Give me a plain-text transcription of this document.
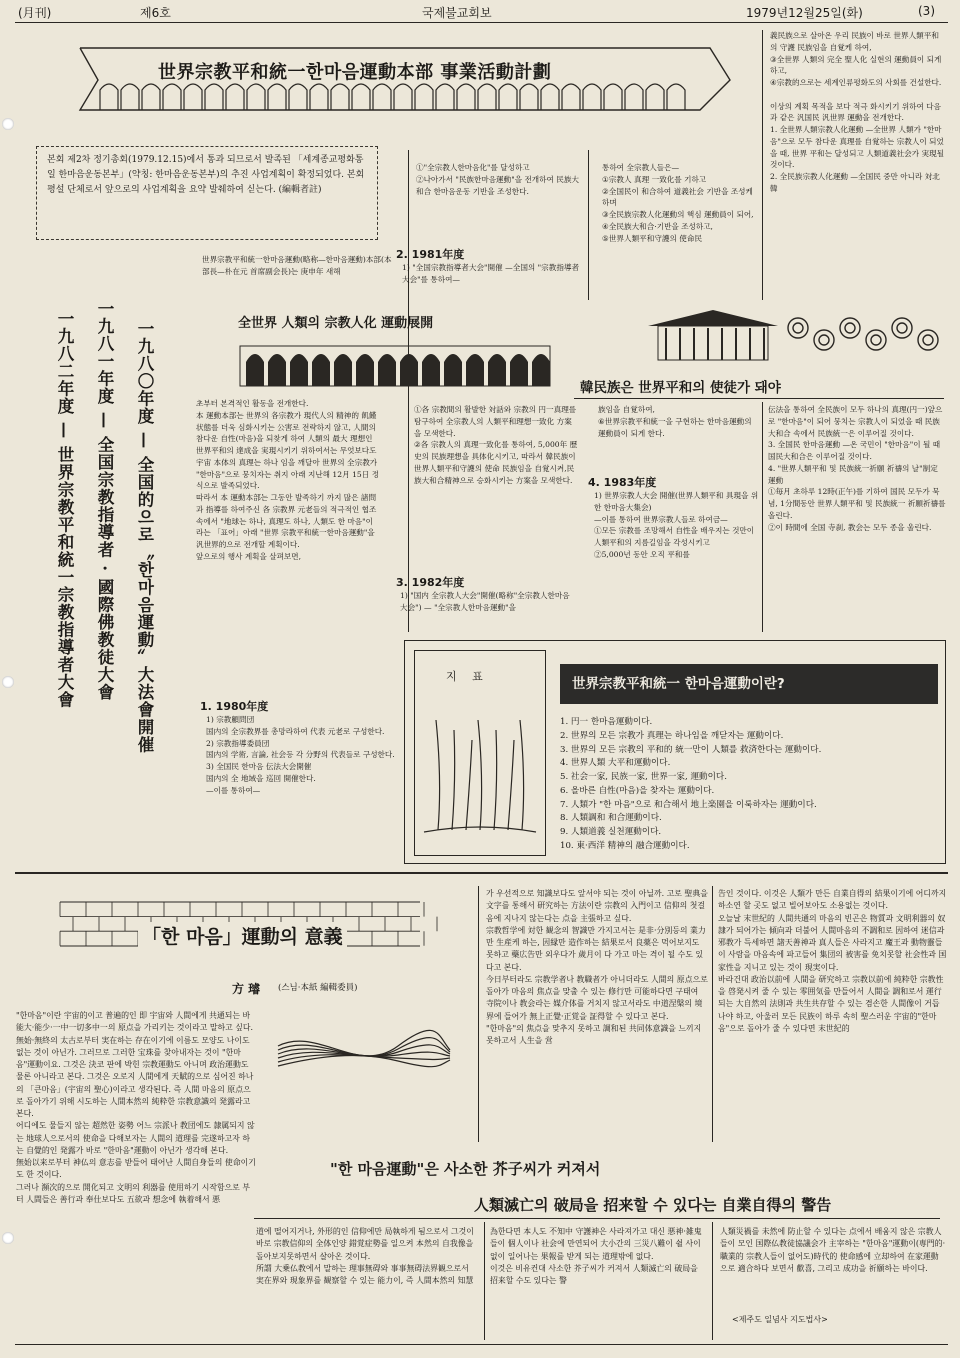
(月刊)	제6호	국제불교회보	1979년12월25일(화)	(3)
世界宗教平和統一한마음運動本部 事業活動計劃
본회 제2차 정기총회(1979.12.15)에서 통과 되므로서 발족된 「세계종교평화통일 한마음운동본부」(약칭: 한마음운동본부)의 추진 사업계획이 확정되었다. 본회 평설 단체로서 앞으로의 사업계획을 요약 발췌하여 싣는다. (編輯者註)
一九八〇年度 — 全国的으로〝한마음運動〟大法會開催
一九八一年度 — 全国宗教指導者 · 國際佛教徒大會
一九八二年度 — 世界宗教平和統一宗教指導者大會
世界宗教平和統一한마음運動(略称—한마음運動)本部(本部長—朴在元 首席副会長)는 庚申年 새해
①"全宗教人한마음化"를 달성하고
②나아가서 "民族한마음運動"을 전개하여 民族大和合 한마음운동 기반을 조성한다.
2. 1981年度
1) "全国宗教指導者大会"開催 —全国의 "宗教指導者大会"를 통하여—
통하여 全宗教人들은—
①宗教人 真理 一致化를 기하고
②全国民이 和合하여 道義社会 기반을 조성케하며
③全民族宗教人化運動의 핵심 運動員이 되어,
④全民族大和合·기반을 조성하고,
⑤世界人類平和守護의 使命民
義民族으로 살아온 우리 民族이 바로 世界人類平和의 守護 民族임을 自覚케 하여,
③全世界 人類의 完全 聖人化 실현의 運動員이 되게 하고,
④宗教的으로는 세계인류평화도의 사회를 건설한다.

이상의 계획 목적을 보다 적극 화시키기 위하여 다음과 같은 汎国民 汎世界 運動을 전개한다.
1. 全世界人類宗教人化運動 —全世界 人類가 "한마음"으로 모두 참다운 真理를 自覚하는 宗教人이 되었을 때, 世界 平和는 달성되고 人類道義社会가 実現될 것이다.
2. 全民族宗教人化運動 —全国民 중만 아니라 対北韓
全世界 人類의 宗教人化 運動展開
韓民族은 世界平和의 使徒가 돼야
초부터 본격적인 활동을 전개한다.
本 運動本部는 世界의 各宗教가 現代人의 精神的 飢饉状態를 더욱 심화시키는 公害로 전략하지 않고, 人間의 참다운 自性(마음)을 되찾게 하여 人類의 最大 理想인 世界平和의 達成을 実現시키기 위하여서는 무엇보다도 宇宙 本体의 真理는 하나 임을 깨달아 世界의 全宗教가 "한마음"으로 뭉치자는 취지 아래 지난해 12月 15日 정식으로 발족되었다.
따라서 本 運動本部는 그동안 발족하기 까지 많은 諸問과 指導를 하여주신 各 宗教界 元老들의 적극적인 협조 속에서 "地球는 하나, 真理도 하나, 人類도 한 마음"이라는 「표어」아래 "世界 宗教平和統一한마음運動"을 汎世界的으로 전개할 계획이다.
앞으로의 행사 계획을 살펴보면,
1. 1980年度
1) 宗教顧問団
国内의 全宗教界를 총망라하여 代表 元老로 구성한다.
2) 宗教指導委員団
国内의 学術, 言論, 社会등 각 分野의 代表들로 구성한다.
3) 全国民 한마음 伝法大会開催
国内의 全 地域을 巡回 開催한다.
—이를 통하여—
①各 宗教間의 활발한 対話와 宗教의 円一真理를 탐구하여 全宗教人의 人類平和理想一致化 方案을 모색한다.
②各 宗教人의 真理一致化를 통하여, 5,000年 歷史의 民族理想을 具体化시키고, 따라서 韓民族이 世界人類平和守護의 使命 民族임을 自覚시켜,民族大和合精神으로 승화시키는 方案을 모색한다.
3. 1982年度
1) "国内 全宗教人大会"開催(略称"全宗教人한마음大会") — "全宗教人한마음運動"을
族임을 自覚하여,
⑥世界宗教平和統一을 구현하는 한마음運動의 運動員이 되게 한다.
4. 1983年度
1) 世界宗教人大会 開催(世界人類平和 具現을 위한 한마음大集会)
—이를 통하여 世界宗教人들로 하여금—
①모든 宗教를 조망해서 自性을 배우지는 것만이 人類平和의 지름길임을 각성시키고
②5,000년 동안 오직 平和를
伝法을 통하여 全民族이 모두 하나의 真理(円一)앞으로 "한마음"이 되어 뭉치는 宗教人이 되었을 때 民族大和合 속에서 民族統一은 이루어질 것이다.
3. 全国民 한마음運動 —온 국민이 "한마음"이 될 때 国民大和合은 이루어질 것이다.
4. "世界人類平和 및 民族統一祈願 祈禱의 날"制定 運動
①毎月 초하루 12時(正午)를 기하여 国民 모두가 묵념, 1分間동안 世界人類平和 및 民族統一 祈願祈禱를 올린다.
②이 時間에 全国 寺刹, 教会는 모두 종을 울린다.
지 표	世界宗教平和統一 한마음運動이란?
1. 円一 한마음運動이다.
2. 世界의 모든 宗教가 真理는 하나임을 깨닫자는 運動이다.
3. 世界의 모든 宗教의 平和的 統一만이 人類를 救済한다는 運動이다.
4. 世界人類 大平和運動이다.
5. 社会一家, 民族一家, 世界一家, 運動이다.
6. 올바른 自性(마음)을 찾자는 運動이다.
7. 人類가 "한 마음"으로 和合해서 地上楽園을 이룩하자는 運動이다.
8. 人類調和 和合運動이다.
9. 人類道義 실천運動이다.
10. 東·西洋 精神의 融合運動이다.
「한 마음」運動의 意義
方 璿 (스님·本紙 編輯委員)
"한마음"이란 宇宙的이고 普遍的인 即 宇宙와 人間에게 共通되는 바 能大·能少·一中一切多中一의 原点을 가리키는 것이라고 말하고 싶다.
無始·無終의 太古로부터 実在하는 存在이기에 이름도 모양도 나이도 없는 것이 아닌가. 그러므로 그러한 宝珠를 찾아내자는 것이 "한마음"運動이요. 그것은 決코 판에 박힌 宗教運動도 아니며 政治運動도 물론 아니라고 본다. 그것은 오로지 人間에게 天賦的으로 심어진 하나의 「큰마음」(宇宙의 聖心)이라고 생각된다. 즉 人間 마음의 原点으로 돌아가기 위해 시도하는 人間本然의 純粋한 宗教意識의 発露라고 본다.
어디에도 물들지 않는 超然한 姿勢 어느 宗派나 教団에도 隷属되지 않는 地球人으로서의 使命을 다해보자는 人間의 道理를 完遂하고자 하는 自覺的인 発露가 바로 "한마음"運動이 아닌가 생각해 본다.
無始以来로부터 神仏의 意志를 받들어 태어난 人間自身들의 使命이기도 한 것이다.
그러나 瀕次的으로 開化되고 文明의 利器를 使用하기 시작함으로 부터 人間들은 善行과 奉仕보다도 五欲과 想念에 執着해서 悪
가 우선적으로 知識보다도 앞서야 되는 것이 아닐까. 고로 聖典을 文字를 통해서 研究하는 方法이란 宗教의 入門이고 信仰의 첫걸음에 지나지 않는다는 点을 主張하고 싶다.
宗教哲学에 対한 観念의 智識만 가지고서는 是非·分別등의 業力만 生産케 하는, 因縁만 造作하는 結果로서 良薬은 먹어보지도 못하고 藥広告만 외우다가 歲月이 다 가고 마는 격이 될 수도 있다고 본다.
今日부터라도 宗教学者나 教職者가 아니더라도 人間의 原点으로 돌아가 마음의 焦点을 맞출 수 있는 修行만 可能하다면 구태여 寺院이나 教会라는 媒介体를 거치지 않고서라도 中道涅槃의 境界에 들어가 無上正覺·正覚을 証得할 수 있다고 본다.
"한마음"의 焦点을 맞추지 못하고 調和된 共同体意識을 느끼지 못하고서 人生을 営
告인 것이다. 이것은 人類가 만든 自業自得의 結果이기에 어디까지 하소연 할 곳도 없고 빌어보아도 소용없는 것이다.
오늘날 末世紀的 人間共通의 마음의 빈곤은 物質과 文明利器의 奴隷가 되어가는 傾向과 더불어 人間마음의 不調和로 因하여 迷信과 邪教가 득세하면 諸天善神과 真人들은 사라지고 魔王과 動物靈들이 사람을 마음속에 파고들어 集団의 被害를 免치못할 社会性과 国家性을 지니고 있는 것이 現実이다.
바라건대 政治以前에 人間을 研究하고 宗教以前에 純粋한 宗教性을 啓発시켜 줄 수 있는 零囲気를 만들어서 人間을 調和로서 運行되는 大自然의 法則과 共生共存할 수 있는 겸손한 人間像이 거듭 나야 하고, 아울러 모든 民族이 하루 속히 聖스러운 宇宙的"한마음"으로 돌아가 줄 수 있다면 末世紀的
"한 마음運動"은 사소한 芥子씨가 커져서
人類滅亡의 破局을 招来할 수 있다는 自業自得의 警告
道에 떨어지거나, 外形的인 信仰에만 局執하게 됨으로서 그것이 바로 宗教信仰의 全体인양 錯覚症勢를 일으켜 本然의 自我像을 돌아보지못하면서 살아온 것이다.
所謂 大乗仏教에서 말하는 理事無碍와 事事無碍法界観으로서 実在界와 現象界를 観察할 수 있는 能力이, 즉 人間本然의 知慧
為한다면 本人도 不知中 守護神은 사라져가고 대신 悪神·雑鬼들이 個人이나 社会에 만연되어 大小간의 三災八難이 쉴 사이 없이 일어나는 果報를 받게 되는 道理밖에 없다.
이것은 비유컨대 사소한 芥子씨가 커져서 人類滅亡의 破局을 招来할 수도 있다는 警
人類災禍를 未然에 防止할 수 있다는 点에서 배움지 않은 宗教人들이 모인 国際仏教徒協議会가 主宰하는 "한마음"運動이(専門的·職業的 宗教人들이 없어도)時代的 使命感에 立却하여 在家運動으로 適合하다 보면서 歡喜, 그리고 成功을 祈願하는 바이다.
<제주도 일념사 지도법사>
